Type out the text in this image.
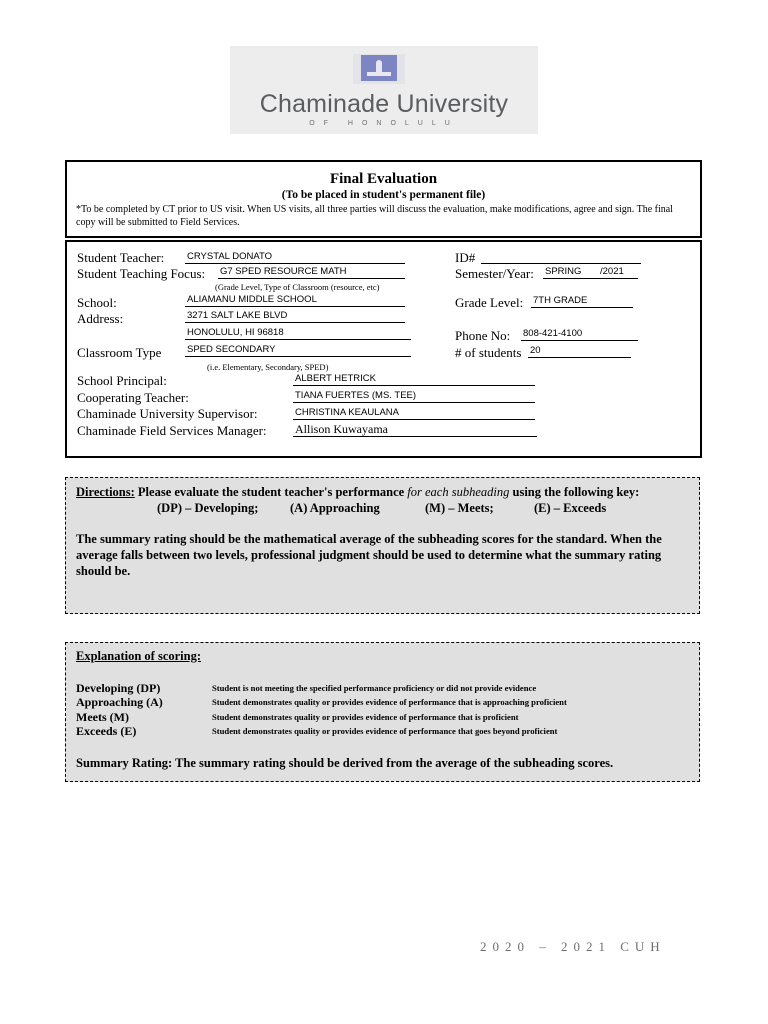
Chaminade University
OF HONOLULU
Final Evaluation
(To be placed in student's permanent file)
*To be completed by CT prior to US visit. When US visits, all three parties will discuss the evaluation, make modifications, agree and sign. The final copy will be submitted to Field Services.
Student Teacher: CRYSTAL DONATO	ID#
Student Teaching Focus: G7 SPED RESOURCE MATH
(Grade Level, Type of Classroom (resource, etc)
Semester/Year: SPRING	/2021
School:	ALIAMANU MIDDLE SCHOOL	Grade Level: 7TH GRADE
Address:	3271 SALT LAKE BLVD
HONOLULU, HI 96818	Phone No: 808-421-4100
Classroom Type	SPED SECONDARY
(i.e. Elementary, Secondary, SPED)
# of students 20
School Principal:	ALBERT HETRICK
Cooperating Teacher:	TIANA FUERTES (MS. TEE)
Chaminade University Supervisor:	CHRISTINA KEAULANA
Chaminade Field Services Manager: Allison Kuwayama
Directions: Please evaluate the student teacher's performance for each subheading using the following key:
(DP) – Developing;	(A) Approaching	(M) – Meets;	(E) – Exceeds
The summary rating should be the mathematical average of the subheading scores for the standard. When the average falls between two levels, professional judgment should be used to determine what the summary rating should be.
Explanation of scoring:
Developing (DP)	Student is not meeting the specified performance proficiency or did not provide evidence
Approaching (A)	Student demonstrates quality or provides evidence of performance that is approaching proficient
Meets (M)	Student demonstrates quality or provides evidence of performance that is proficient
Exceeds (E)	Student demonstrates quality or provides evidence of performance that goes beyond proficient
Summary Rating: The summary rating should be derived from the average of the subheading scores.
2020 – 2021 CUH
